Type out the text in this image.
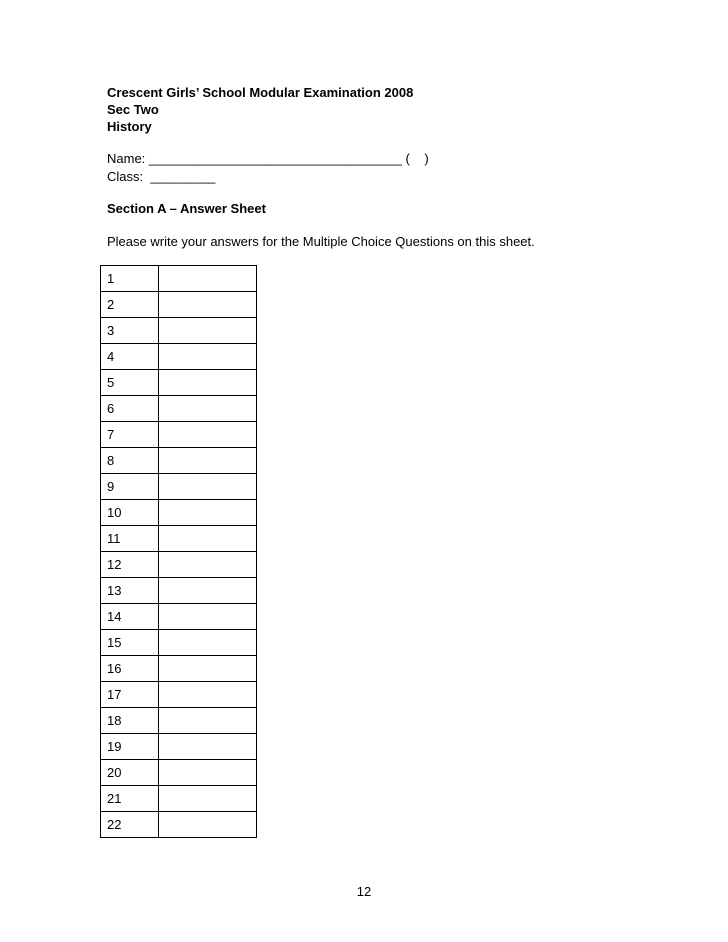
Crescent Girls’ School Modular Examination 2008
Sec Two
History
Name: ___________________________________ (    )
Class:  _________
Section A – Answer Sheet
Please write your answers for the Multiple Choice Questions on this sheet.
1	
2	
3	
4	
5	
6	
7	
8	
9	
10	
11	
12	
13	
14	
15	
16	
17	
18	
19	
20	
21	
22	
12
